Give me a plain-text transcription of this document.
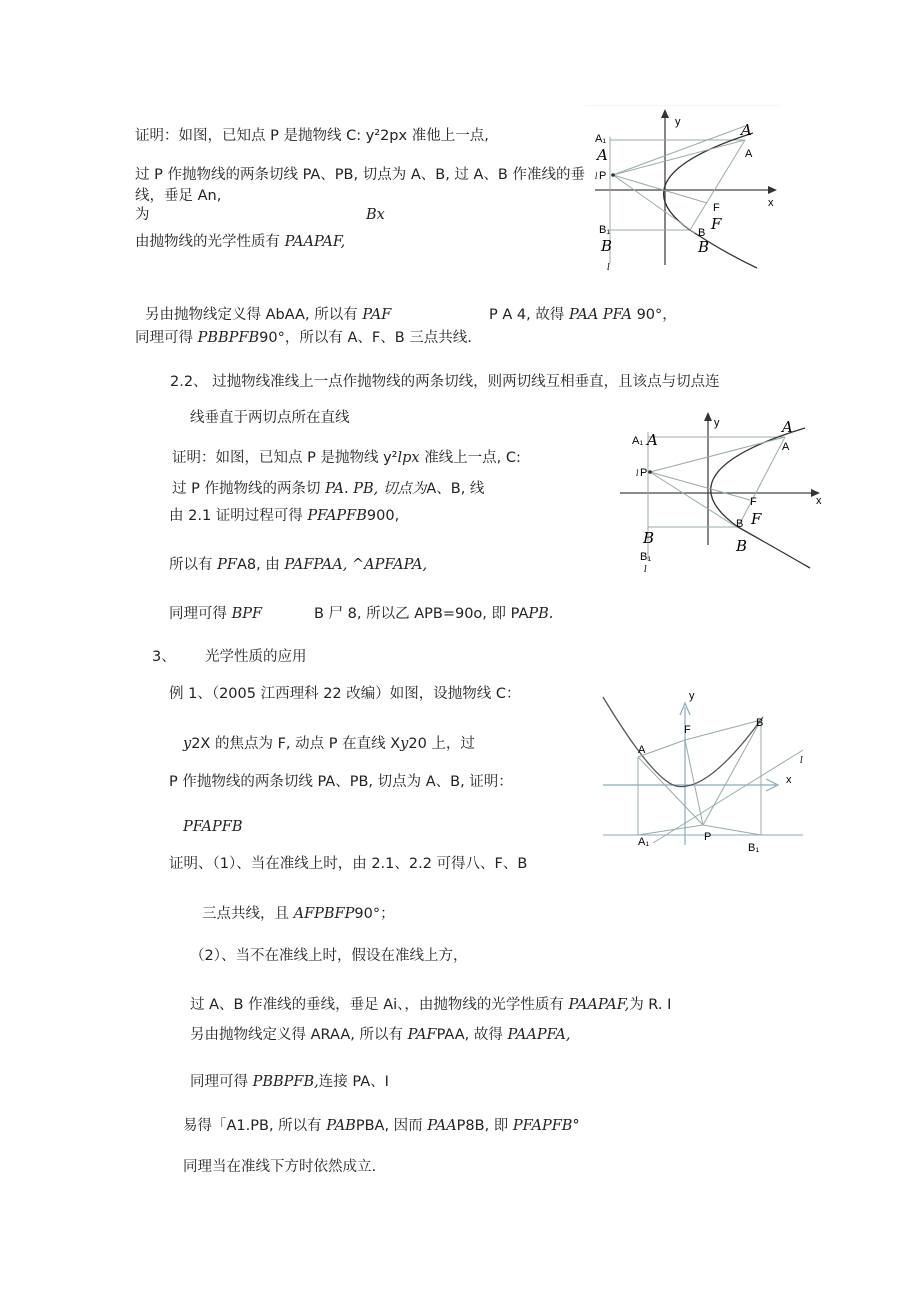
证明：如图，已知点 P 是抛物线 C: y²2px 准他上一点,
过 P 作抛物线的两条切线 PA、PB, 切点为 A、B, 过 A、B 作准线的垂
线，垂足 An,
为	Bx
由抛物线的光学性质有 PAAPAF,
另由抛物线定义得 AbAA, 所以有 PAF	P A 4, 故得 PAA PFA 90°，
同理可得 PBBPFB90°，所以有 A、F、B 三点共线.
2.2、 过抛物线准线上一点作抛物线的两条切线，则两切线互相垂直，且该点与切点连
线垂直于两切点所在直线
证明：如图，已知点 P 是抛物线 y²lpx 准线上一点, C:
过 P 作抛物线的两条切 PA. PB, 切点为A、B, 线
由 2.1 证明过程可得 PFAPFB900,
所以有 PFA8, 由 PAFPAA, ^APFAPA,
同理可得 BPF	B 尸 8, 所以乙 APB=90o, 即 PAPB.
3、 光学性质的应用
例 1、（2005 江西理科 22 改编）如图，设抛物线 C：
y2X 的焦点为 F, 动点 P 在直线 Xy20 上，过
P 作抛物线的两条切线 PA、PB, 切点为 A、B, 证明：
PFAPFB
证明、（1）、当在准线上时，由 2.1、2.2 可得八、F、B
三点共线，且 AFPBFP90°；
（2）、当不在准线上时，假设在准线上方，
过 A、B 作准线的垂线，垂足 Ai、，由抛物线的光学性质有 PAAPAF,为 R. I
另由抛物线定义得 ARAA, 所以有 PAFPAA, 故得 PAAPFA,
同理可得 PBBPFB,连接 PA、I
易得「A1.PB, 所以有 PABPBA, 因而 PAAP8B, 即 PFAPFB°
同理当在准线下方时依然成立.
y
x
A₁
A
A
A
P
l
F
F
B₁
B
B
B
l
y
x
A₁ A
A
A
P
l
F
F
B
B₁
B
B
l
y
x
A
F
B
l
A₁	P
B₁
